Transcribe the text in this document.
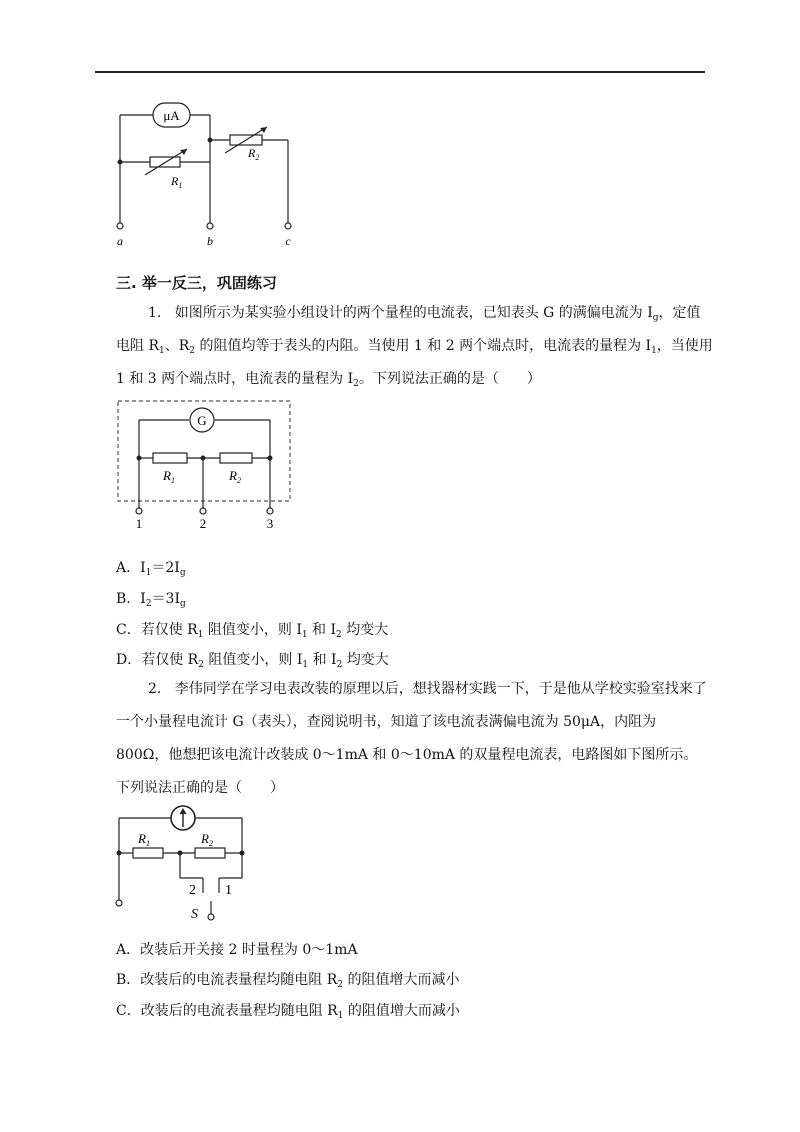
μA
$R_1$
$R_2$
a	b	c
三. 举一反三，巩固练习
1. 如图所示为某实验小组设计的两个量程的电流表，已知表头 G 的满偏电流为 $I_g$，定值
电阻 $R_1$、$R_2$ 的阻值均等于表头的内阻。当使用 1 和 2 两个端点时，电流表的量程为 $I_1$，当使用
1 和 3 两个端点时，电流表的量程为 $I_2$。下列说法正确的是（　　）
G
$R_1$	$R_2$
1	2	3
A．$I_1=2I_g$
B．$I_2=3I_g$
C．若仅使 $R_1$ 阻值变小，则 $I_1$ 和 $I_2$ 均变大
D．若仅使 $R_2$ 阻值变小，则 $I_1$ 和 $I_2$ 均变大
2. 李伟同学在学习电表改装的原理以后，想找器材实践一下，于是他从学校实验室找来了一个小量程电流计 G（表头），查阅说明书，知道了该电流表满偏电流为 50μA，内阻为 800Ω，他想把该电流计改装成 0～1mA 和 0～10mA 的双量程电流表，电路图如下图所示。下列说法正确的是（　　）
$R_1$	$R_2$
2 1
S
A．改装后开关接 2 时量程为 0～1mA
B．改装后的电流表量程均随电阻 $R_2$ 的阻值增大而减小
C．改装后的电流表量程均随电阻 $R_1$ 的阻值增大而减小
